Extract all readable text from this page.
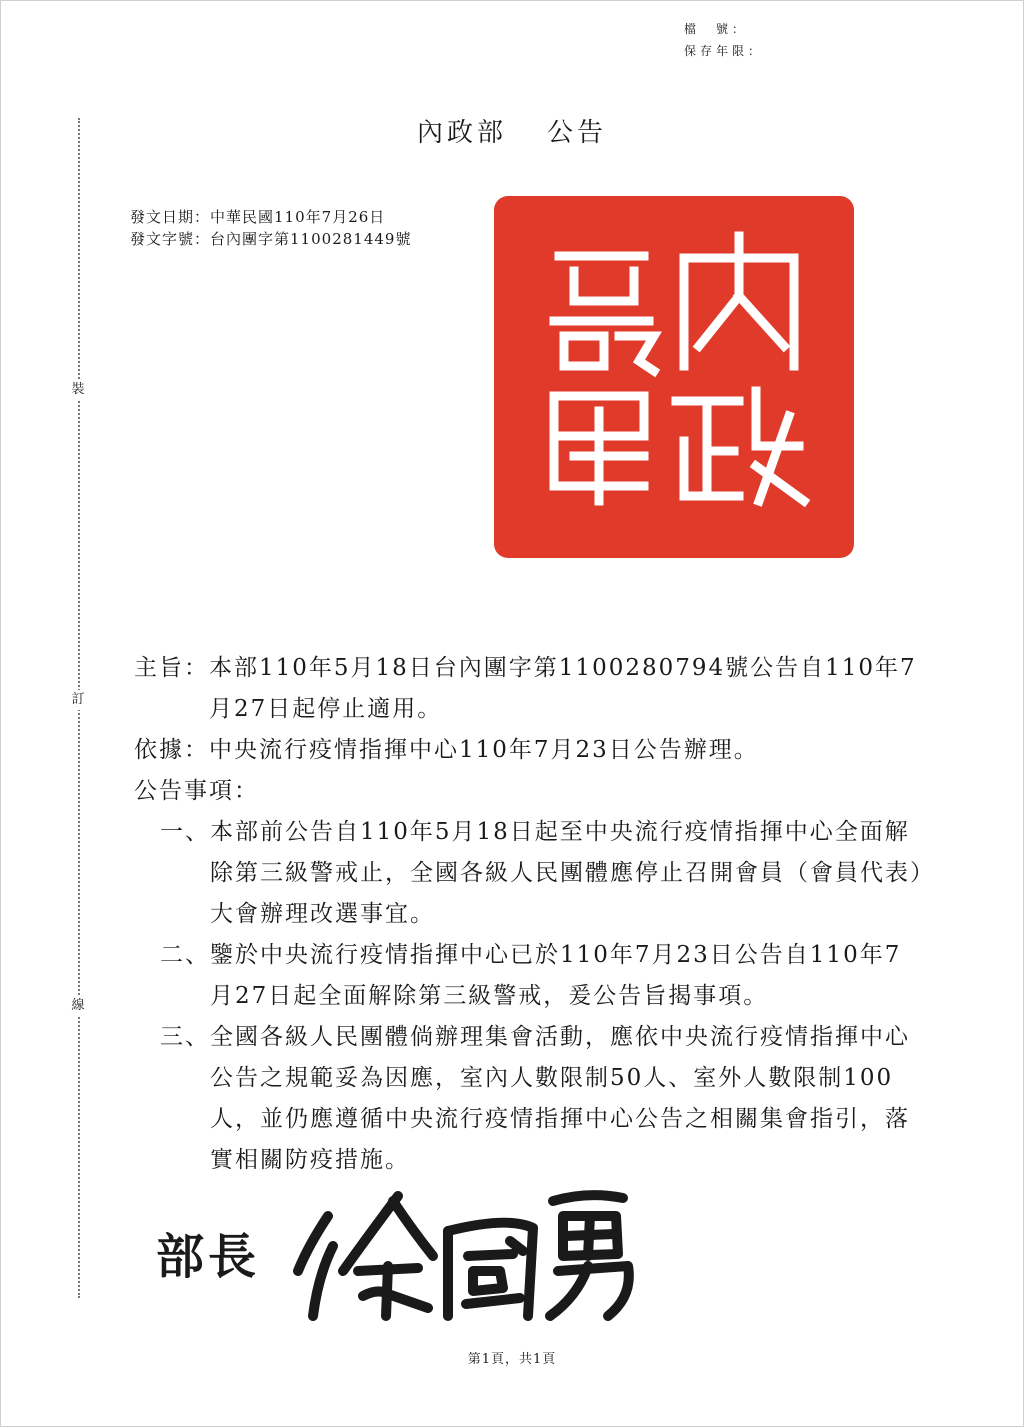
檔　號：
保存年限：
裝
訂
線
內政部 公告
發文日期：中華民國110年7月26日
發文字號：台內團字第1100281449號
主旨： 本部110年5月18日台內團字第1100280794號公告自110年7月27日起停止適用。
依據： 中央流行疫情指揮中心110年7月23日公告辦理。
公告事項：
一、 本部前公告自110年5月18日起至中央流行疫情指揮中心全面解除第三級警戒止，全國各級人民團體應停止召開會員（會員代表）大會辦理改選事宜。
二、 鑒於中央流行疫情指揮中心已於110年7月23日公告自110年7月27日起全面解除第三級警戒，爰公告旨揭事項。
三、 全國各級人民團體倘辦理集會活動，應依中央流行疫情指揮中心公告之規範妥為因應，室內人數限制50人、室外人數限制100人，並仍應遵循中央流行疫情指揮中心公告之相關集會指引，落實相關防疫措施。
部長
第1頁，共1頁
